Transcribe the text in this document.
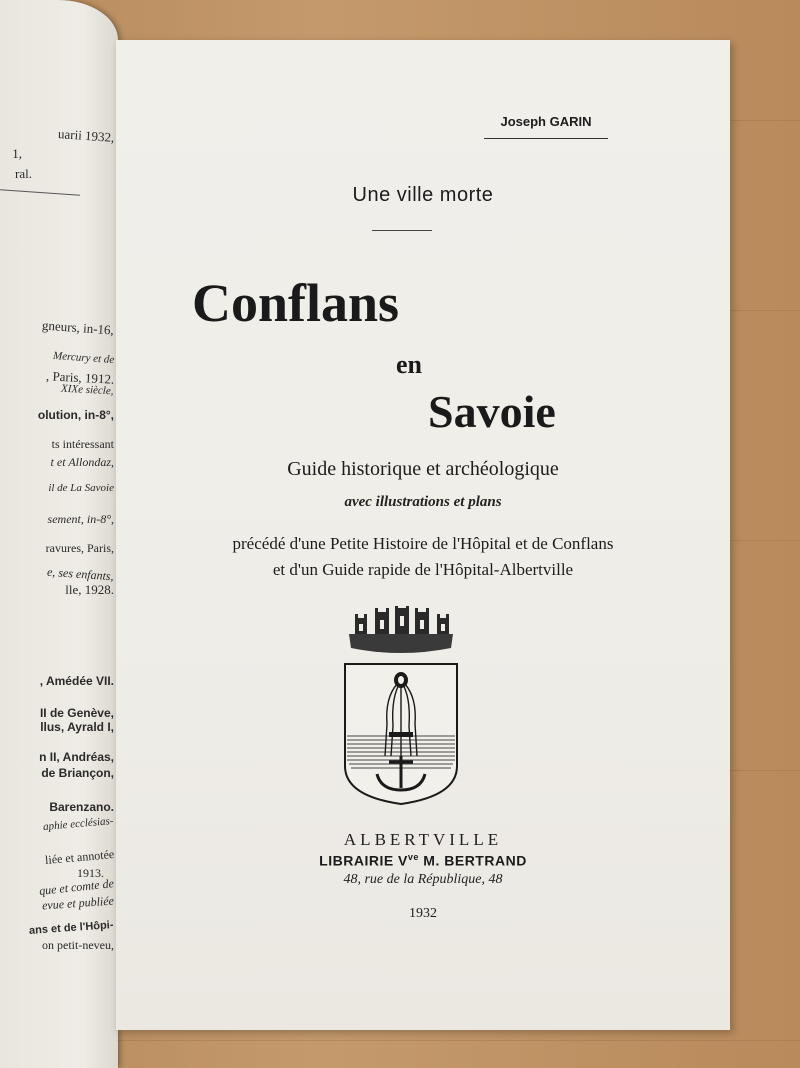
uarii 1932,
1,
ral.
gneurs, in-16,
Mercury et de
, Paris, 1912.
XIXe siècle,
olution, in-8°,
ts intéressant
t et Allondaz,
il de La Savoie
sement, in-8°,
ravures, Paris,
e, ses enfants,
lle, 1928.
, Amédée VII.
II de Genève,
llus, Ayrald I,
n II, Andréas,
de Briançon,
Barenzano.
aphie ecclésias-
liée et annotée
1913.
que et comte de
evue et publiée
ans et de l'Hôpi-
on petit-neveu,
Joseph GARIN
Une ville morte
Conflans
en
Savoie
Guide historique et archéologique
avec illustrations et plans
précédé d'une Petite Histoire de l'Hôpital et de Conflans
et d'un Guide rapide de l'Hôpital-Albertville
ALBERTVILLE
LIBRAIRIE $V^{ve}$ M. BERTRAND
48, rue de la République, 48
1932
